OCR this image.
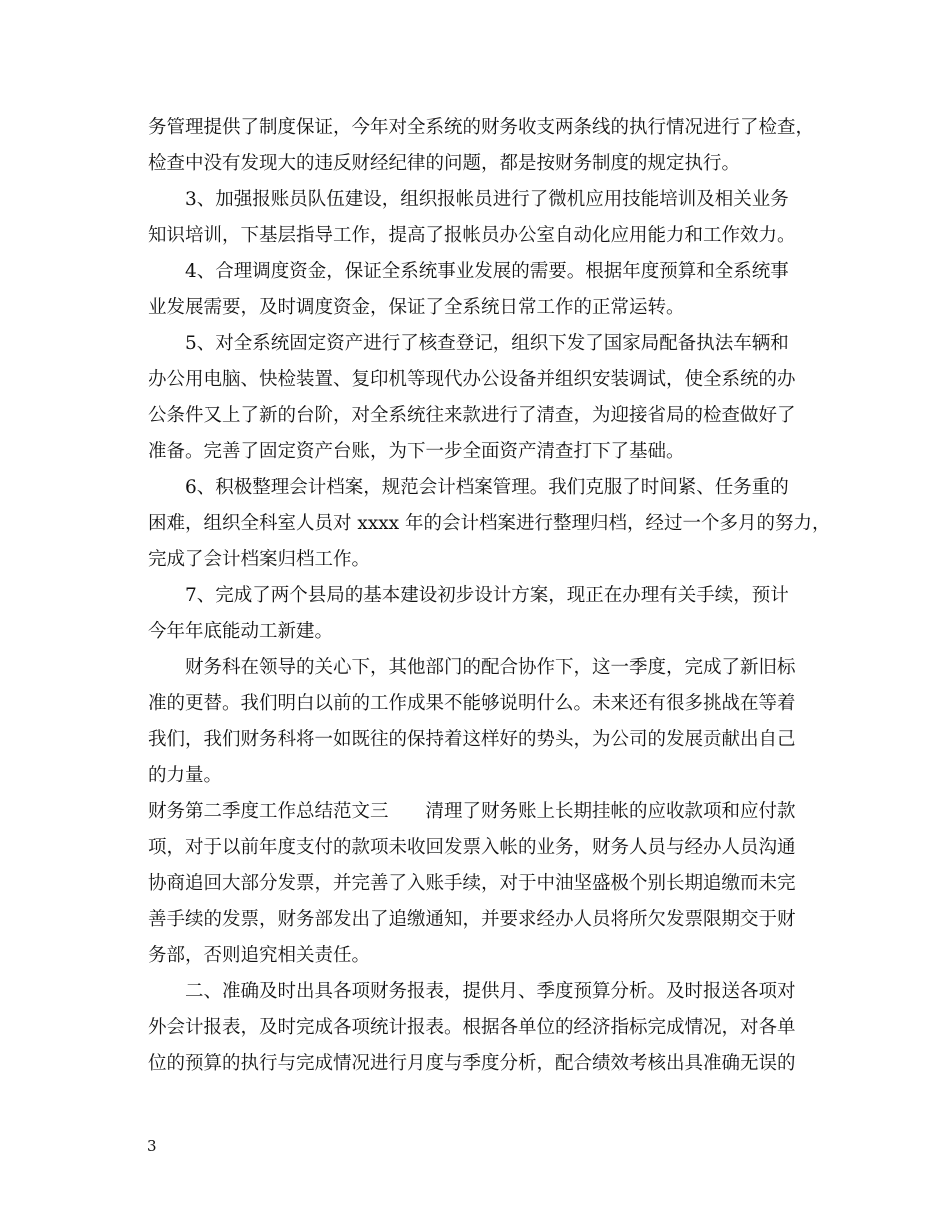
务管理提供了制度保证，今年对全系统的财务收支两条线的执行情况进行了检查，
检查中没有发现大的违反财经纪律的问题，都是按财务制度的规定执行。
3、加强报账员队伍建设，组织报帐员进行了微机应用技能培训及相关业务
知识培训，下基层指导工作，提高了报帐员办公室自动化应用能力和工作效力。
4、合理调度资金，保证全系统事业发展的需要。根据年度预算和全系统事
业发展需要，及时调度资金，保证了全系统日常工作的正常运转。
5、对全系统固定资产进行了核查登记，组织下发了国家局配备执法车辆和
办公用电脑、快检装置、复印机等现代办公设备并组织安装调试，使全系统的办
公条件又上了新的台阶，对全系统往来款进行了清查，为迎接省局的检查做好了
准备。完善了固定资产台账，为下一步全面资产清查打下了基础。
6、积极整理会计档案，规范会计档案管理。我们克服了时间紧、任务重的
困难，组织全科室人员对 xxxx 年的会计档案进行整理归档，经过一个多月的努力，
完成了会计档案归档工作。
7、完成了两个县局的基本建设初步设计方案，现正在办理有关手续，预计
今年年底能动工新建。
财务科在领导的关心下，其他部门的配合协作下，这一季度，完成了新旧标
准的更替。我们明白以前的工作成果不能够说明什么。未来还有很多挑战在等着
我们，我们财务科将一如既往的保持着这样好的势头，为公司的发展贡献出自己
的力量。
财务第二季度工作总结范文三　　清理了财务账上长期挂帐的应收款项和应付款
项，对于以前年度支付的款项未收回发票入帐的业务，财务人员与经办人员沟通
协商追回大部分发票，并完善了入账手续，对于中油坚盛极个别长期追缴而未完
善手续的发票，财务部发出了追缴通知，并要求经办人员将所欠发票限期交于财
务部，否则追究相关责任。
二、准确及时出具各项财务报表，提供月、季度预算分析。及时报送各项对
外会计报表，及时完成各项统计报表。根据各单位的经济指标完成情况，对各单
位的预算的执行与完成情况进行月度与季度分析，配合绩效考核出具准确无误的
3
